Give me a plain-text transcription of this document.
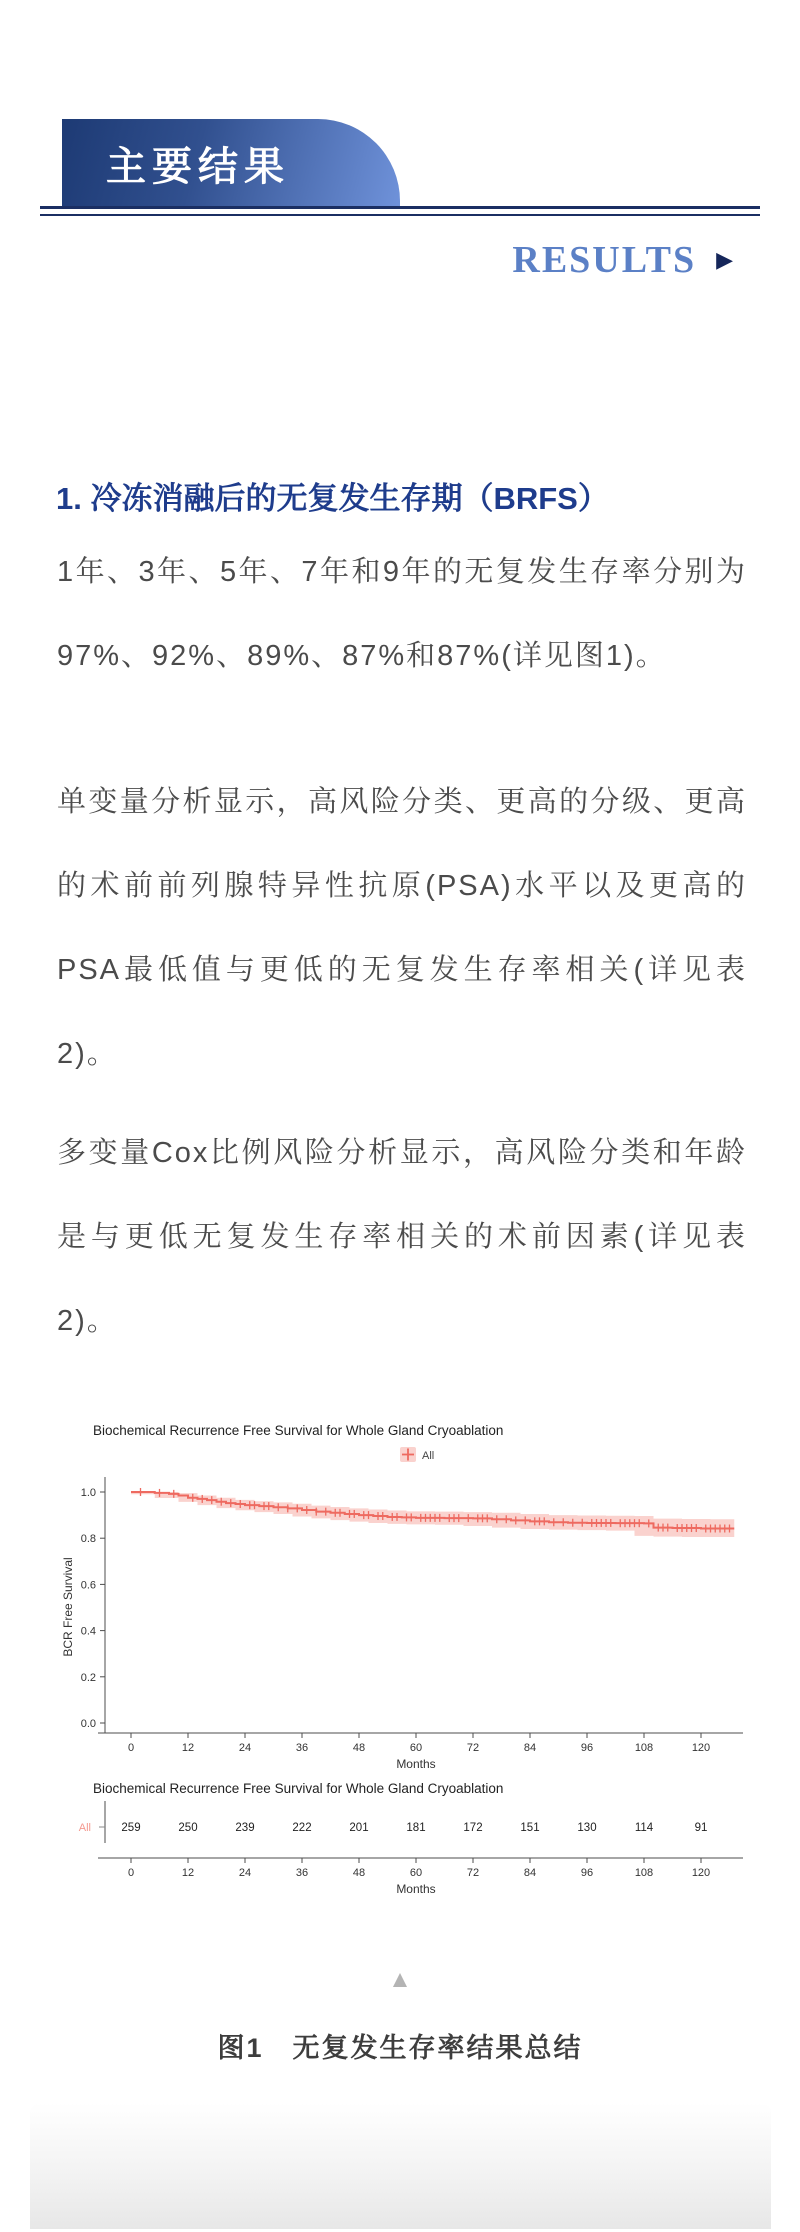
主要结果
RESULTS ▶
1. 冷冻消融后的无复发生存期（BRFS）

1年、3年、5年、7年和9年的无复发生存率分别为97%、92%、89%、87%和87%(详见图1)。

单变量分析显示，高风险分类、更高的分级、更高的术前前列腺特异性抗原(PSA)水平以及更高的PSA最低值与更低的无复发生存率相关(详见表2)。

多变量Cox比例风险分析显示，高风险分类和年龄是与更低无复发生存率相关的术前因素(详见表2)。

Biochemical Recurrence Free Survival for Whole Gland Cryoablation
All
0.0
0.2
0.4
0.6
0.8
1.0
0	12	24	36	48	60	72	84	96	108	120
Months
BCR Free Survival
Biochemical Recurrence Free Survival for Whole Gland Cryoablation
All	259	250	239	222	201	181	172	151	130	114	91
0	12	24	36	48	60	72	84	96	108	120
Months
▲
图1　无复发生存率结果总结
